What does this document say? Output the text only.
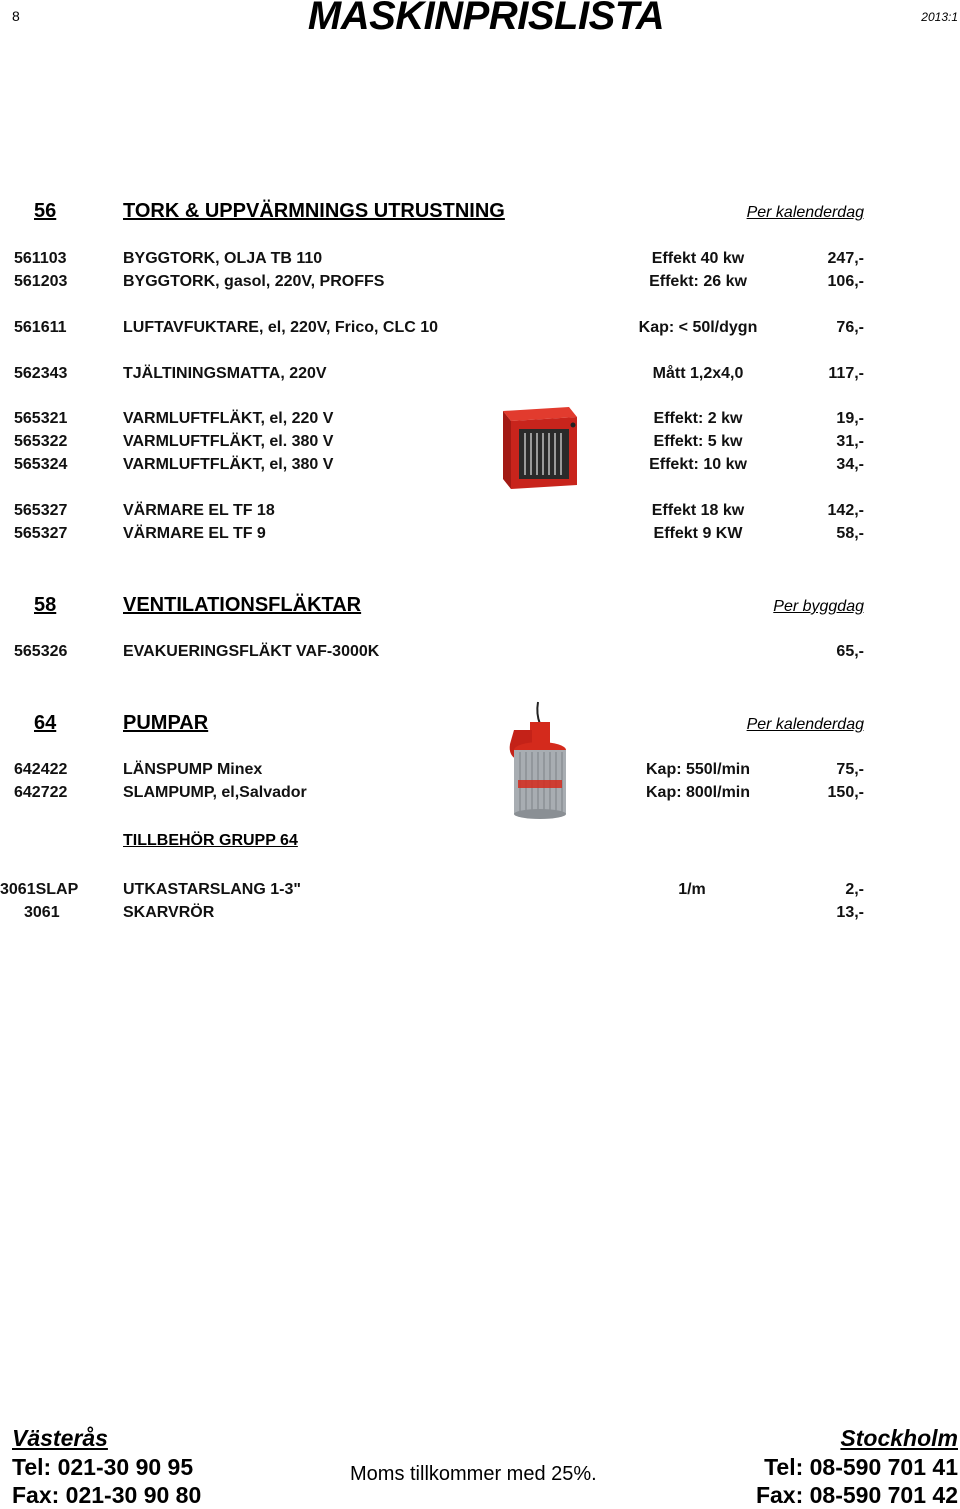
8	MASKINPRISLISTA	2013:1
56	TORK & UPPVÄRMNINGS UTRUSTNING	Per kalenderdag
561103	BYGGTORK, OLJA TB 110	Effekt 40 kw	247,-
561203	BYGGTORK, gasol, 220V, PROFFS	Effekt: 26 kw	106,-
561611	LUFTAVFUKTARE, el, 220V, Frico, CLC 10	Kap: < 50l/dygn	76,-
562343	TJÄLTININGSMATTA, 220V	Mått 1,2x4,0	117,-
565321	VARMLUFTFLÄKT, el, 220 V	Effekt: 2 kw	19,-
565322	VARMLUFTFLÄKT, el. 380 V	Effekt: 5 kw	31,-
565324	VARMLUFTFLÄKT, el, 380 V	Effekt: 10 kw	34,-
565327	VÄRMARE EL TF 18	Effekt 18 kw	142,-
565327	VÄRMARE EL TF 9	Effekt 9 KW	58,-
58	VENTILATIONSFLÄKTAR	Per byggdag
565326	EVAKUERINGSFLÄKT VAF-3000K	65,-
64	PUMPAR	Per kalenderdag
642422	LÄNSPUMP Minex	Kap: 550l/min	75,-
642722	SLAMPUMP, el,Salvador	Kap: 800l/min	150,-
TILLBEHÖR GRUPP 64
3061SLAP	UTKASTARSLANG 1-3"	1/m	2,-
3061	SKARVRÖR	13,-
Västerås
Tel: 021-30 90 95
Fax: 021-30 90 80
Moms tillkommer med 25%.
Stockholm
Tel: 08-590 701 41
Fax: 08-590 701 42
